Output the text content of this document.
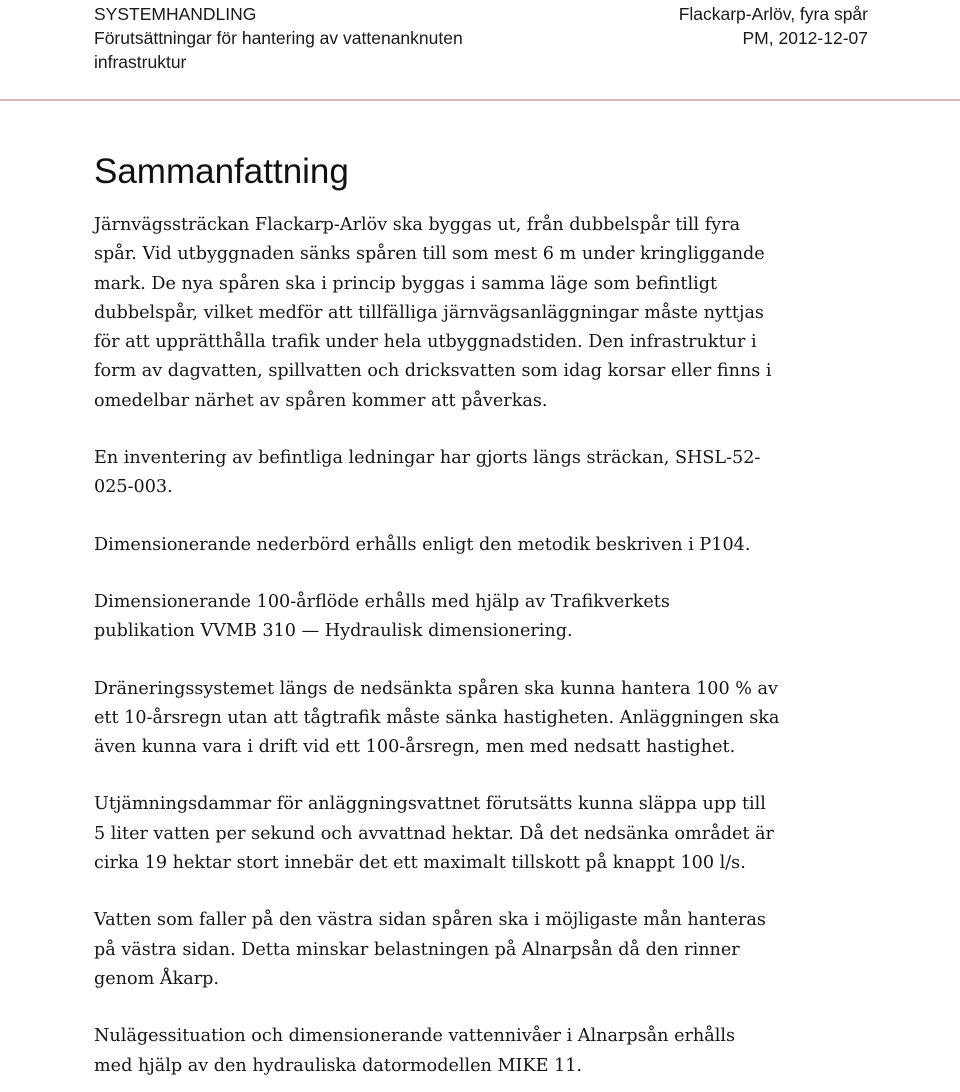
SYSTEMHANDLING
Förutsättningar för hantering av vattenanknuten
infrastruktur
Flackarp-Arlöv, fyra spår
PM, 2012-12-07
Sammanfattning

Järnvägssträckan Flackarp-Arlöv ska byggas ut, från dubbelspår till fyra
spår. Vid utbyggnaden sänks spåren till som mest 6 m under kringliggande
mark. De nya spåren ska i princip byggas i samma läge som befintligt
dubbelspår, vilket medför att tillfälliga järnvägsanläggningar måste nyttjas
för att upprätthålla trafik under hela utbyggnadstiden. Den infrastruktur i
form av dagvatten, spillvatten och dricksvatten som idag korsar eller finns i
omedelbar närhet av spåren kommer att påverkas.

En inventering av befintliga ledningar har gjorts längs sträckan, SHSL-52-
025-003.

Dimensionerande nederbörd erhålls enligt den metodik beskriven i P104.

Dimensionerande 100-årflöde erhålls med hjälp av Trafikverkets
publikation VVMB 310 — Hydraulisk dimensionering.

Dräneringssystemet längs de nedsänkta spåren ska kunna hantera 100 % av
ett 10-årsregn utan att tågtrafik måste sänka hastigheten. Anläggningen ska
även kunna vara i drift vid ett 100-årsregn, men med nedsatt hastighet.

Utjämningsdammar för anläggningsvattnet förutsätts kunna släppa upp till
5 liter vatten per sekund och avvattnad hektar. Då det nedsänka området är
cirka 19 hektar stort innebär det ett maximalt tillskott på knappt 100 l/s.

Vatten som faller på den västra sidan spåren ska i möjligaste mån hanteras
på västra sidan. Detta minskar belastningen på Alnarpsån då den rinner
genom Åkarp.

Nulägessituation och dimensionerande vattennivåer i Alnarpsån erhålls
med hjälp av den hydrauliska datormodellen MIKE 11.
